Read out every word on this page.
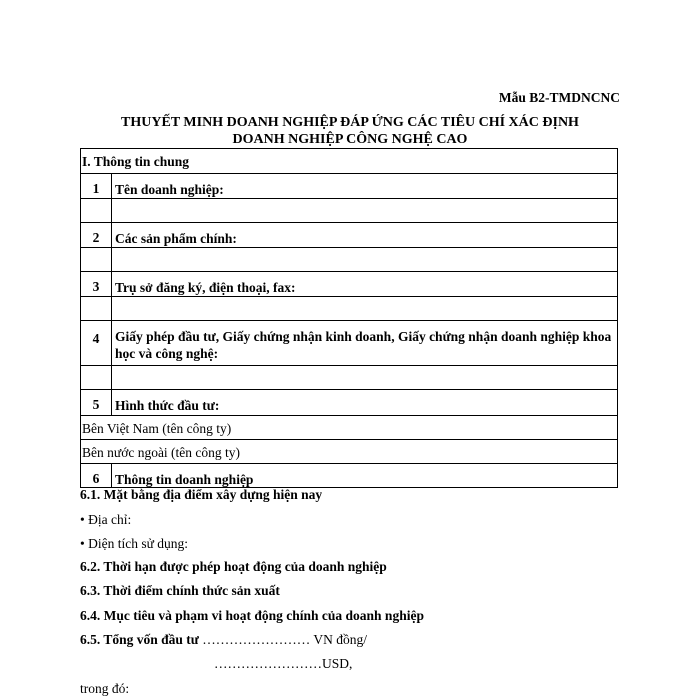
Mẫu B2-TMDNCNC
THUYẾT MINH DOANH NGHIỆP ĐÁP ỨNG CÁC TIÊU CHÍ XÁC ĐỊNH
DOANH NGHIỆP CÔNG NGHỆ CAO
I. Thông tin chung
1	Tên doanh nghiệp:
2	Các sản phẩm chính:
3	Trụ sở đăng ký, điện thoại, fax:
4	Giấy phép đầu tư, Giấy chứng nhận kinh doanh, Giấy chứng nhận doanh nghiệp khoa học và công nghệ:
5	Hình thức đầu tư:
Bên Việt Nam (tên công ty)
Bên nước ngoài (tên công ty)
6	Thông tin doanh nghiệp
6.1. Mặt bằng địa điểm xây dựng hiện nay
• Địa chỉ:
• Diện tích sử dụng:
6.2. Thời hạn được phép hoạt động của doanh nghiệp
6.3. Thời điểm chính thức sản xuất
6.4. Mục tiêu và phạm vi hoạt động chính của doanh nghiệp
6.5. Tổng vốn đầu tư …………………… VN đồng/
……………………USD,
trong đó:
